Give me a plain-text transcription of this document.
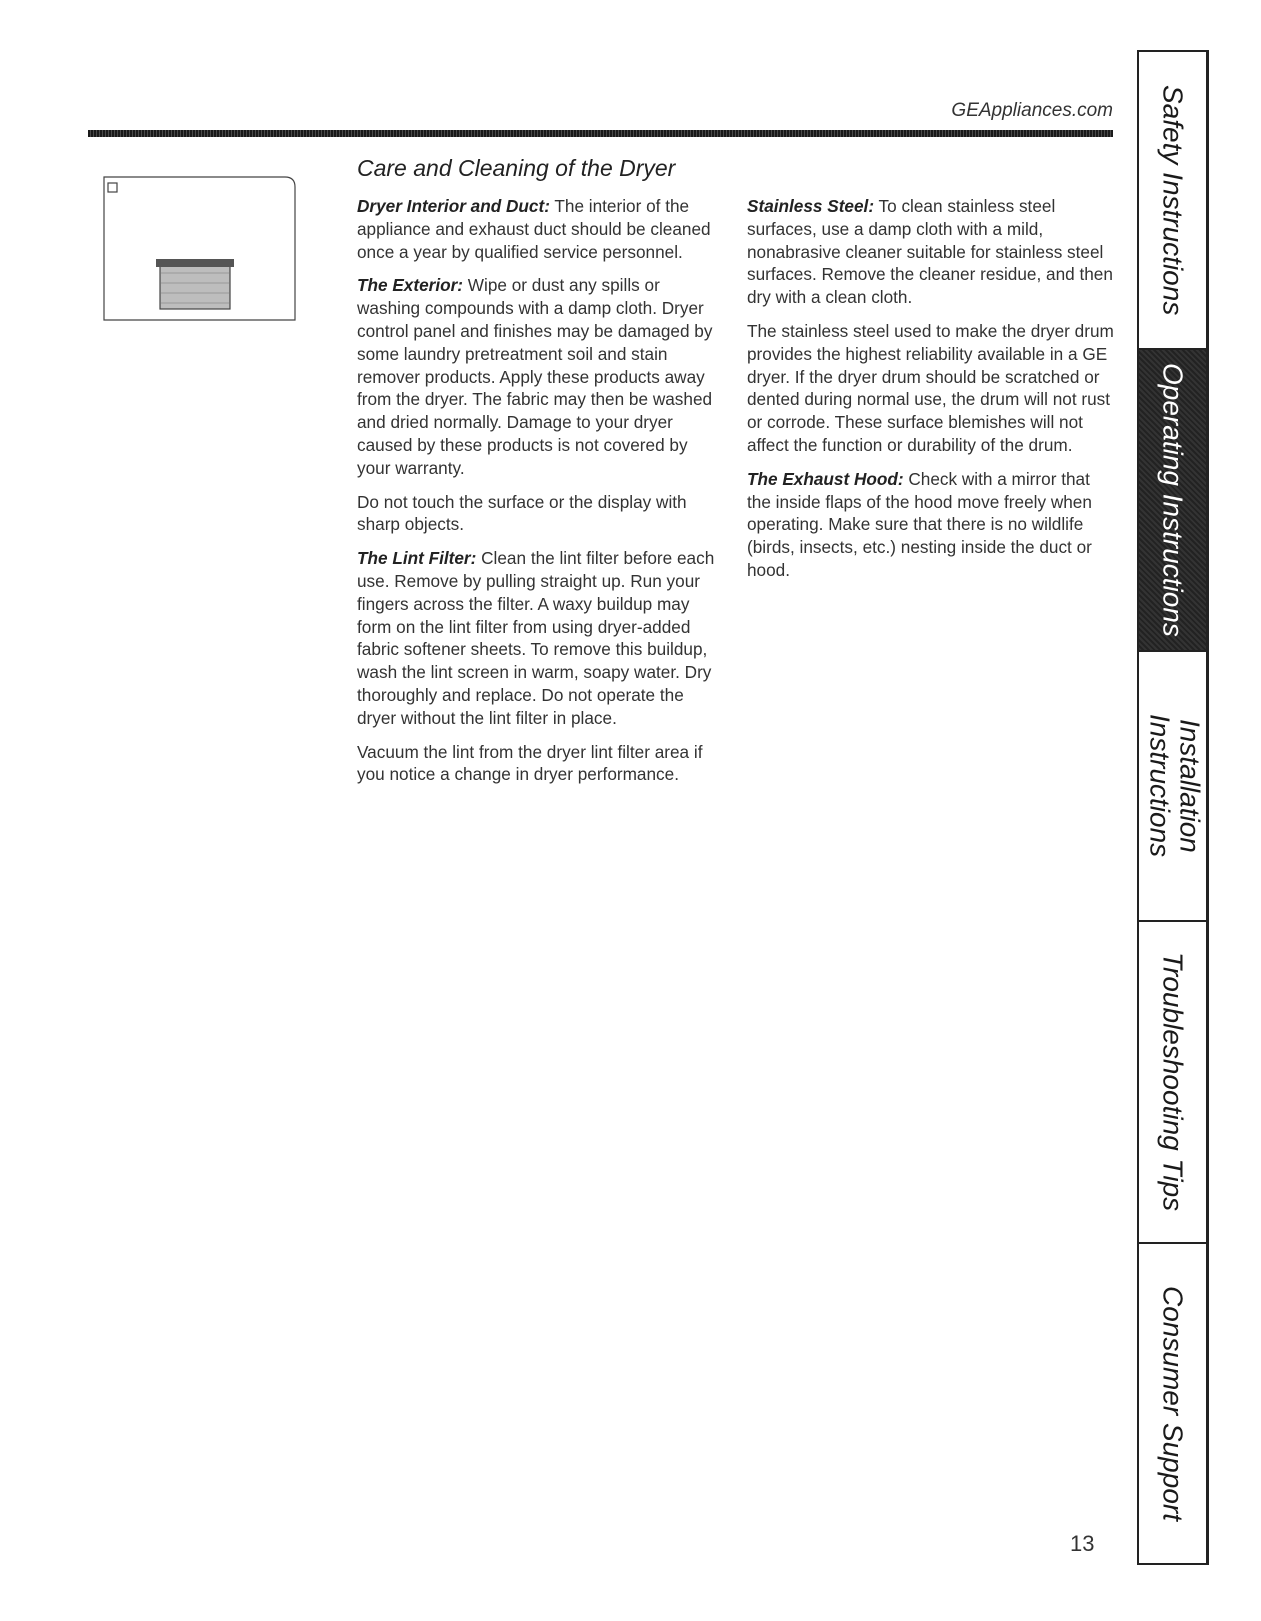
GEAppliances.com
Care and Cleaning of the Dryer

Dryer Interior and Duct: The interior of the appliance and exhaust duct should be cleaned once a year by qualified service personnel.

The Exterior: Wipe or dust any spills or washing compounds with a damp cloth. Dryer control panel and finishes may be damaged by some laundry pretreatment soil and stain remover products. Apply these products away from the dryer. The fabric may then be washed and dried normally. Damage to your dryer caused by these products is not covered by your warranty.

Do not touch the surface or the display with sharp objects.

The Lint Filter: Clean the lint filter before each use. Remove by pulling straight up. Run your fingers across the filter. A waxy buildup may form on the lint filter from using dryer-added fabric softener sheets. To remove this buildup, wash the lint screen in warm, soapy water. Dry thoroughly and replace. Do not operate the dryer without the lint filter in place.

Vacuum the lint from the dryer lint filter area if you notice a change in dryer performance.

Stainless Steel: To clean stainless steel surfaces, use a damp cloth with a mild, nonabrasive cleaner suitable for stainless steel surfaces. Remove the cleaner residue, and then dry with a clean cloth.

The stainless steel used to make the dryer drum provides the highest reliability available in a GE dryer. If the dryer drum should be scratched or dented during normal use, the drum will not rust or corrode. These surface blemishes will not affect the function or durability of the drum.

The Exhaust Hood: Check with a mirror that the inside flaps of the hood move freely when operating. Make sure that there is no wildlife (birds, insects, etc.) nesting inside the duct or hood.

13
Safety Instructions
Operating Instructions
Installation Instructions
Troubleshooting Tips
Consumer Support
